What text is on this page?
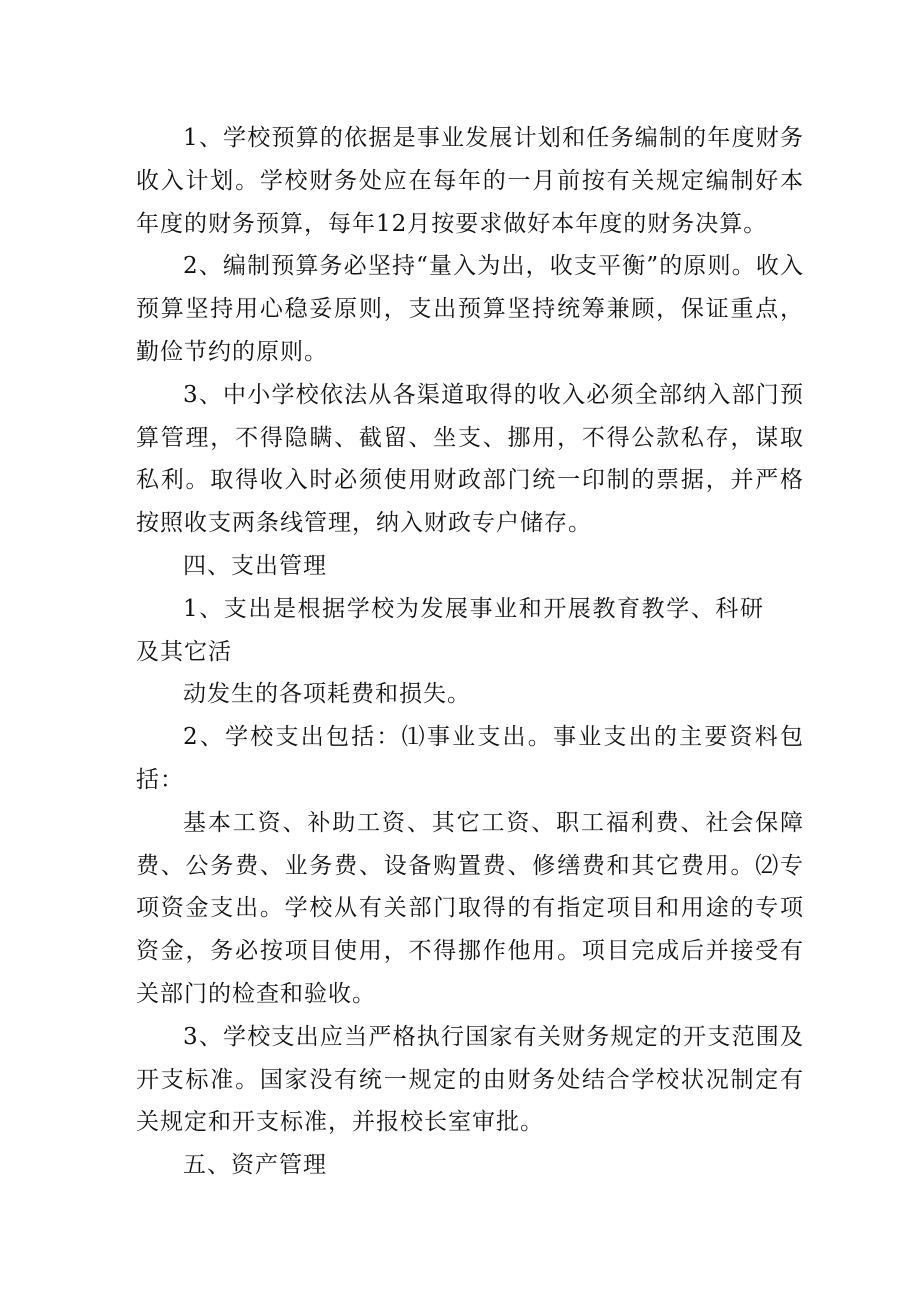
1、学校预算的依据是事业发展计划和任务编制的年度财务收入计划。学校财务处应在每年的一月前按有关规定编制好本年度的财务预算，每年12月按要求做好本年度的财务决算。

2、编制预算务必坚持“量入为出，收支平衡”的原则。收入预算坚持用心稳妥原则，支出预算坚持统筹兼顾，保证重点，勤俭节约的原则。

3、中小学校依法从各渠道取得的收入必须全部纳入部门预算管理，不得隐瞒、截留、坐支、挪用，不得公款私存，谋取私利。取得收入时必须使用财政部门统一印制的票据，并严格按照收支两条线管理，纳入财政专户储存。

四、支出管理

1、支出是根据学校为发展事业和开展教育教学、科研及其它活

动发生的各项耗费和损失。

2、学校支出包括：⑴事业支出。事业支出的主要资料包括：

基本工资、补助工资、其它工资、职工福利费、社会保障费、公务费、业务费、设备购置费、修缮费和其它费用。⑵专项资金支出。学校从有关部门取得的有指定项目和用途的专项资金，务必按项目使用，不得挪作他用。项目完成后并接受有关部门的检查和验收。

3、学校支出应当严格执行国家有关财务规定的开支范围及开支标准。国家没有统一规定的由财务处结合学校状况制定有关规定和开支标准，并报校长室审批。

五、资产管理
